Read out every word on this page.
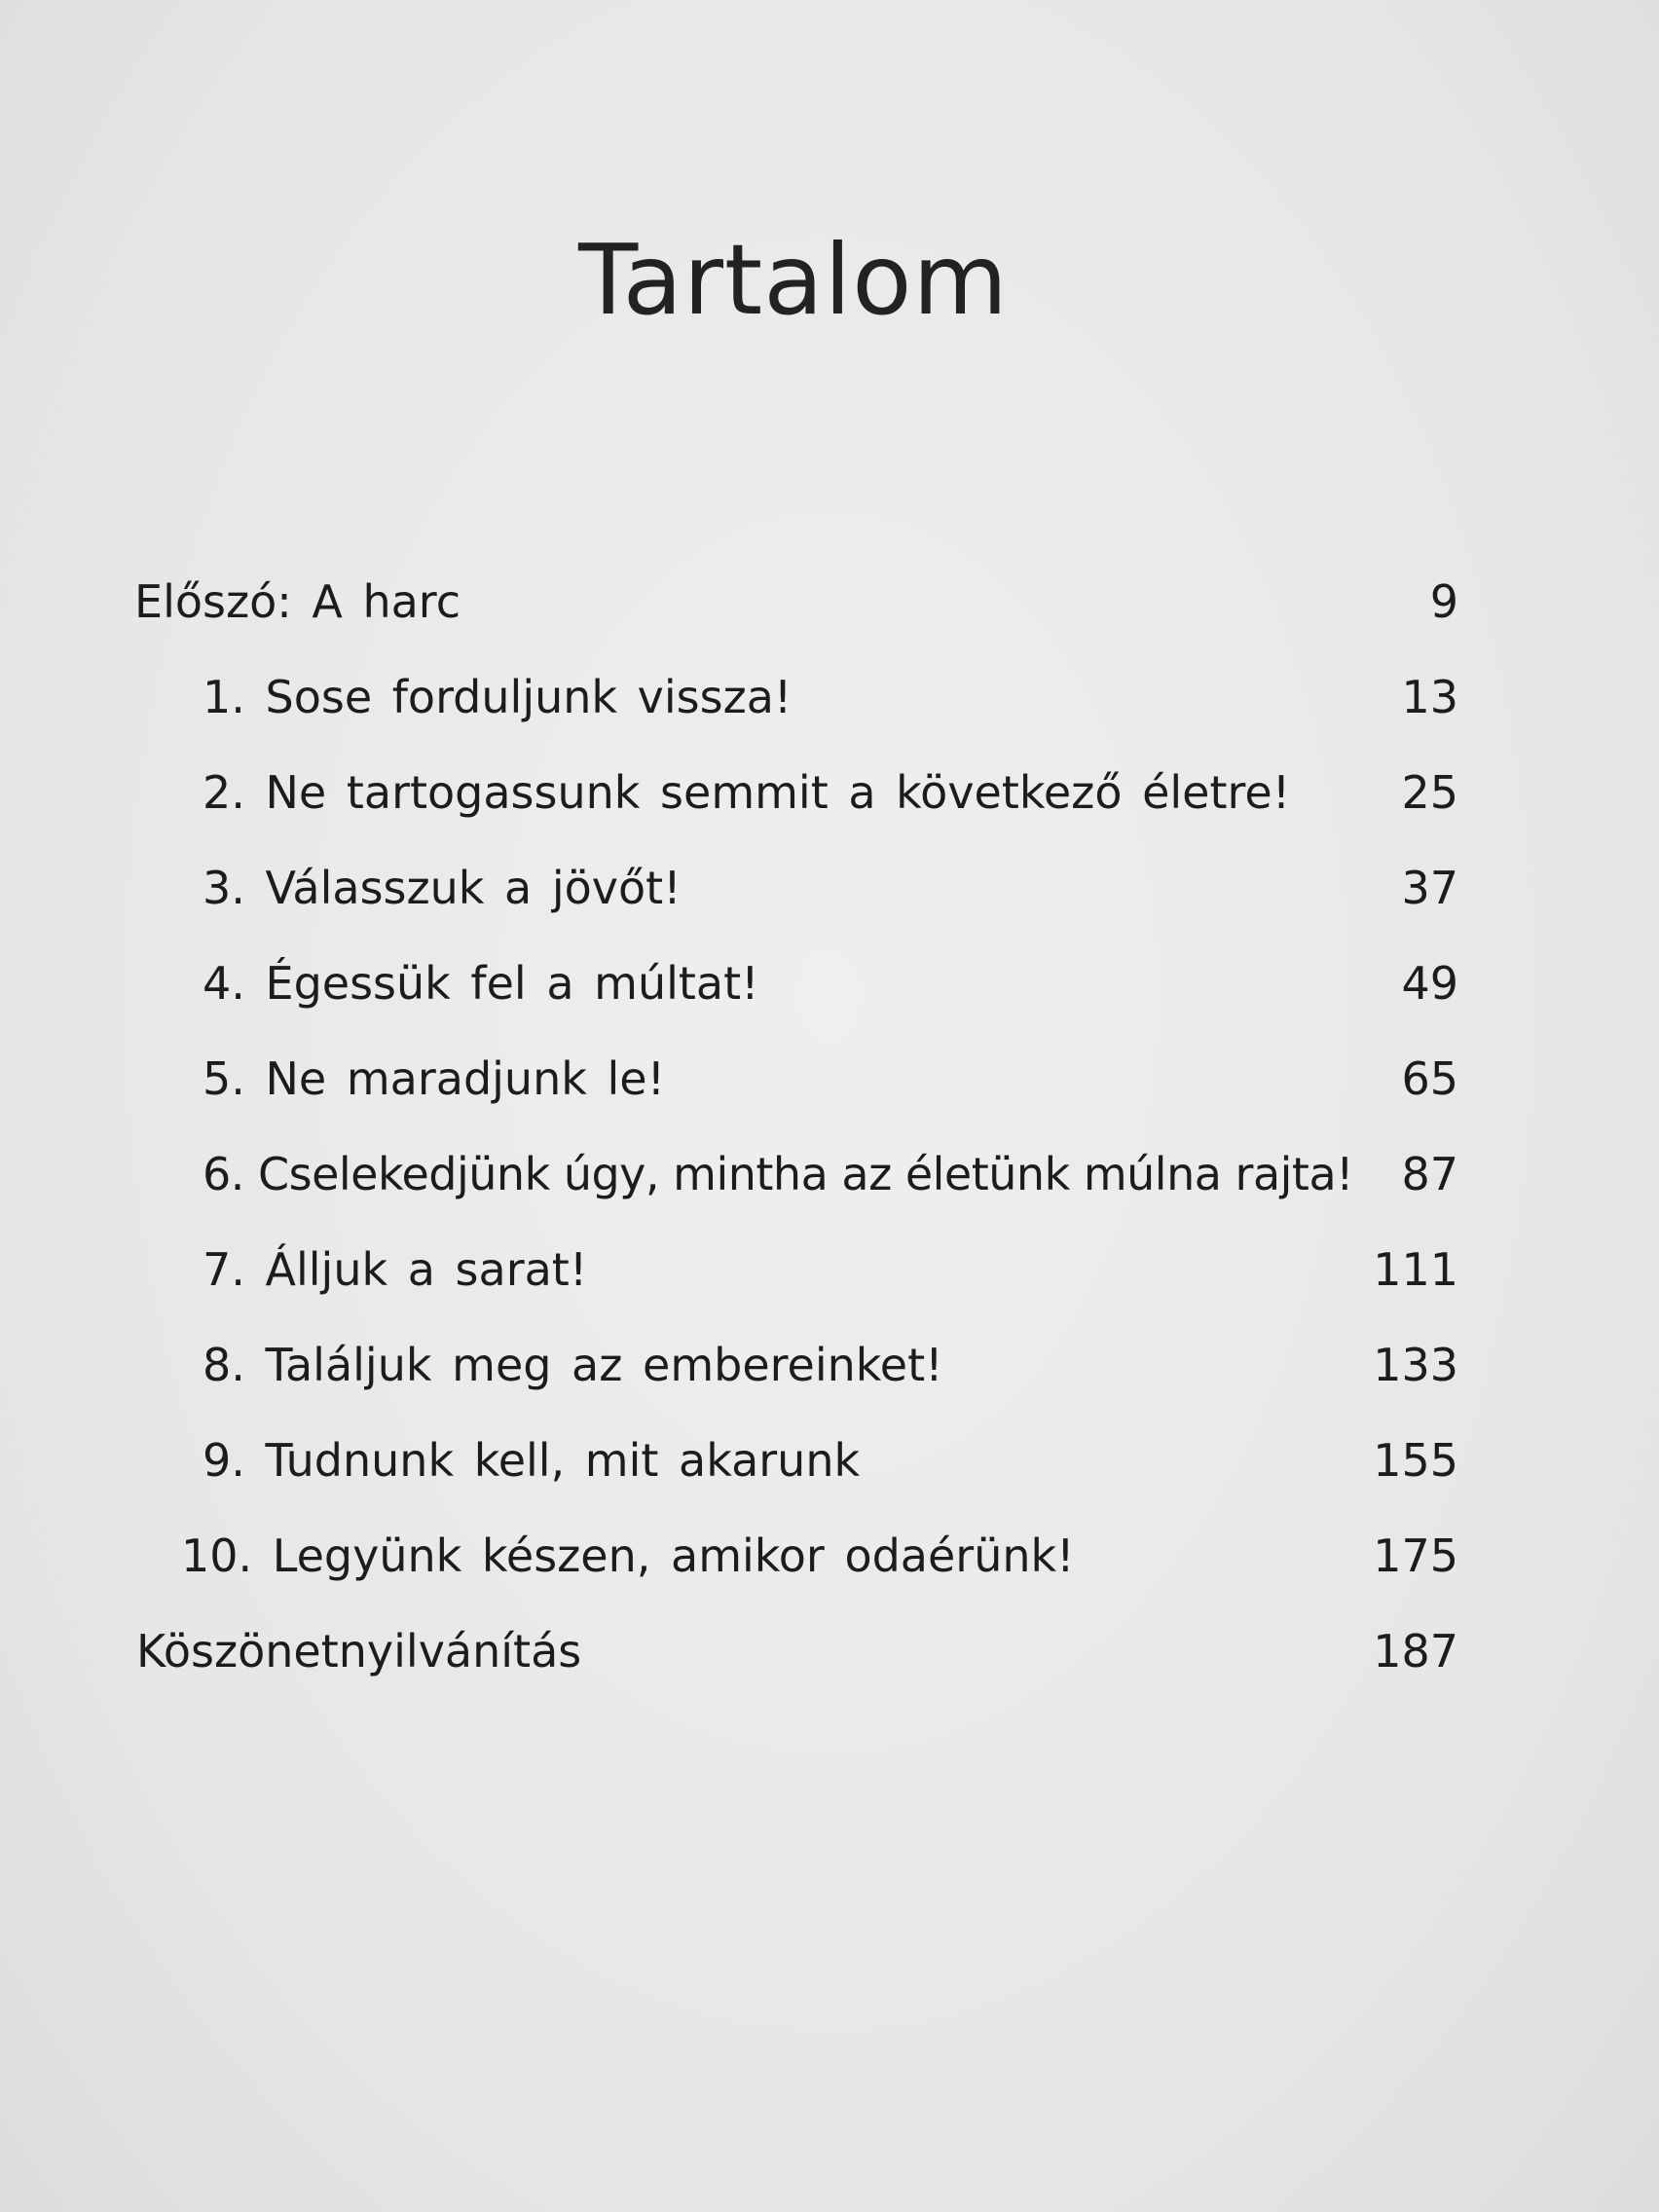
Tartalom
Előszó: A harc	9
1. Sose forduljunk vissza!	13
2. Ne tartogassunk semmit a következő életre! 25
3. Válasszuk a jövőt!	37
4. Égessük fel a múltat!	49
5. Ne maradjunk le!	65
6. Cselekedjünk úgy, mintha az életünk múlna rajta! 87
7. Álljuk a sarat!	111
8. Találjuk meg az embereinket!	133
9. Tudnunk kell, mit akarunk	155
10. Legyünk készen, amikor odaérünk!	175
Köszönetnyilvánítás	187
